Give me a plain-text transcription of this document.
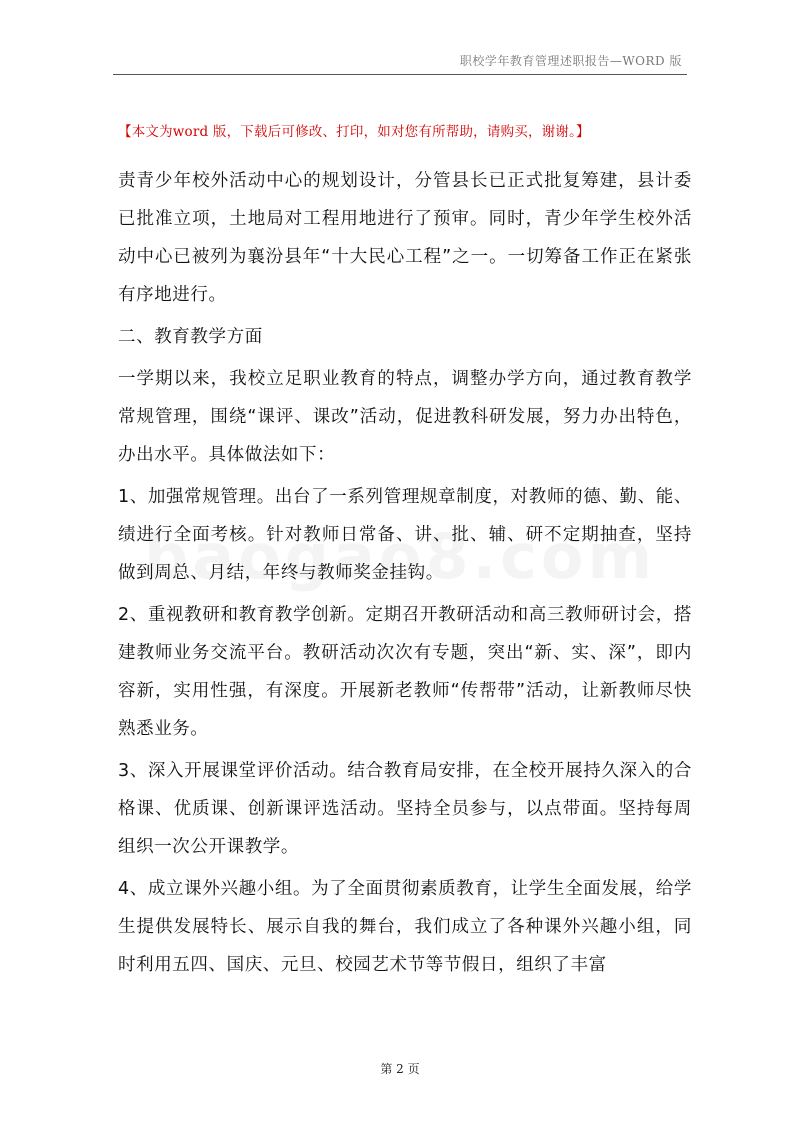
职校学年教育管理述职报告—WORD 版
【本文为word 版，下载后可修改、打印，如对您有所帮助，请购买，谢谢。】

责青少年校外活动中心的规划设计，分管县长已正式批复筹建，县计委已批准立项，土地局对工程用地进行了预审。同时，青少年学生校外活动中心已被列为襄汾县年“十大民心工程”之一。一切筹备工作正在紧张有序地进行。

二、教育教学方面

一学期以来，我校立足职业教育的特点，调整办学方向，通过教育教学常规管理，围绕“课评、课改”活动，促进教科研发展，努力办出特色，办出水平。具体做法如下：

1、加强常规管理。出台了一系列管理规章制度，对教师的德、勤、能、绩进行全面考核。针对教师日常备、讲、批、辅、研不定期抽查，坚持做到周总、月结，年终与教师奖金挂钩。

2、重视教研和教育教学创新。定期召开教研活动和高三教师研讨会，搭建教师业务交流平台。教研活动次次有专题，突出“新、实、深”，即内容新，实用性强，有深度。开展新老教师“传帮带”活动，让新教师尽快熟悉业务。

3、深入开展课堂评价活动。结合教育局安排，在全校开展持久深入的合格课、优质课、创新课评选活动。坚持全员参与，以点带面。坚持每周组织一次公开课教学。

4、成立课外兴趣小组。为了全面贯彻素质教育，让学生全面发展，给学生提供发展特长、展示自我的舞台，我们成立了各种课外兴趣小组，同时利用五四、国庆、元旦、校园艺术节等节假日，组织了丰富

第 2 页
